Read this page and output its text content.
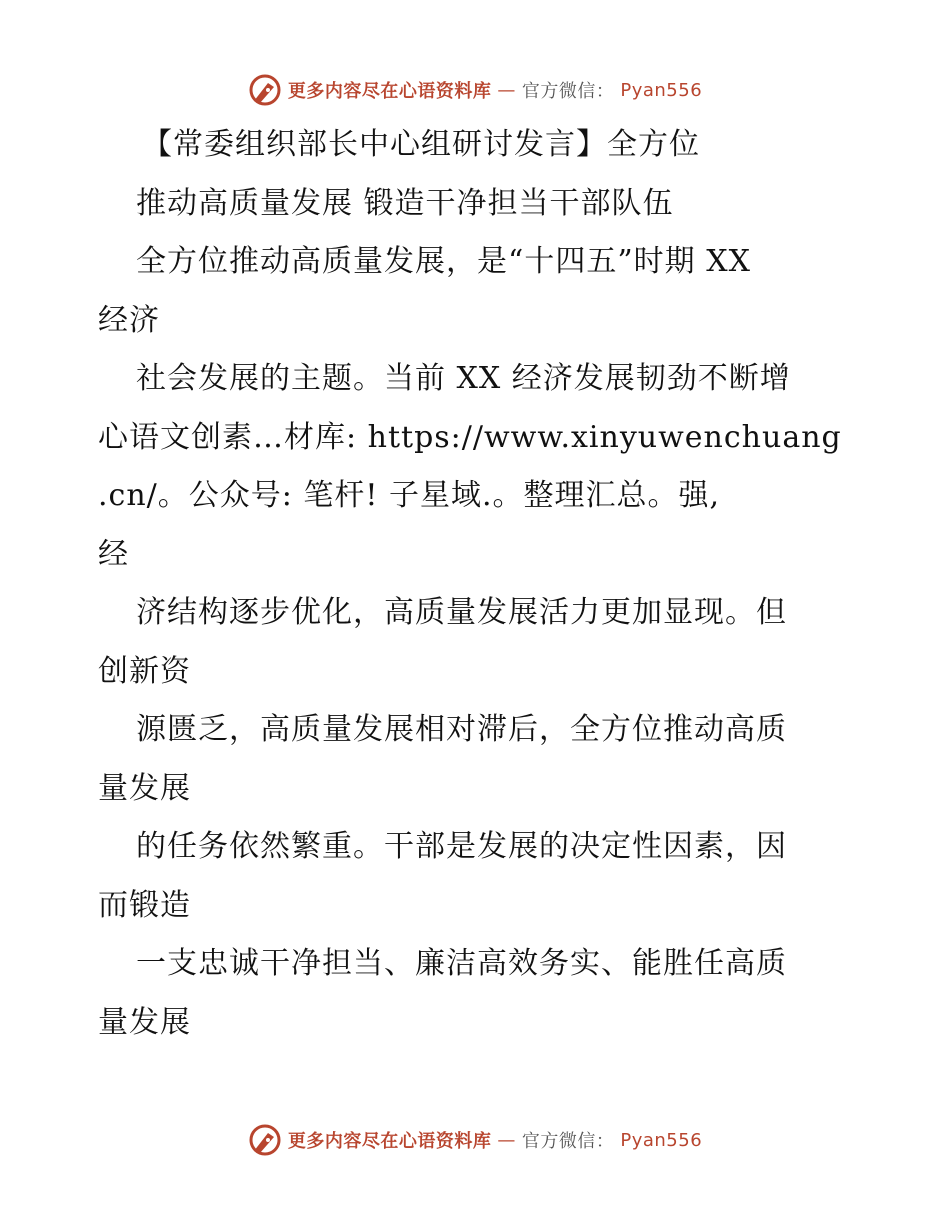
更多内容尽在心语资料库 — 官方微信： Pyan556
【常委组织部长中心组研讨发言】全方位
推动高质量发展 锻造干净担当干部队伍
全方位推动高质量发展，是“十四五”时期 XX
经济
社会发展的主题。当前 XX 经济发展韧劲不断增
心语文创素…材库: https://www.xinyuwenchuang
.cn/。公众号: 笔杆! 子星域.。整理汇总。强,
经
济结构逐步优化，高质量发展活力更加显现。但
创新资
源匮乏，高质量发展相对滞后，全方位推动高质
量发展
的任务依然繁重。干部是发展的决定性因素，因
而锻造
一支忠诚干净担当、廉洁高效务实、能胜任高质
量发展
更多内容尽在心语资料库 — 官方微信： Pyan556
